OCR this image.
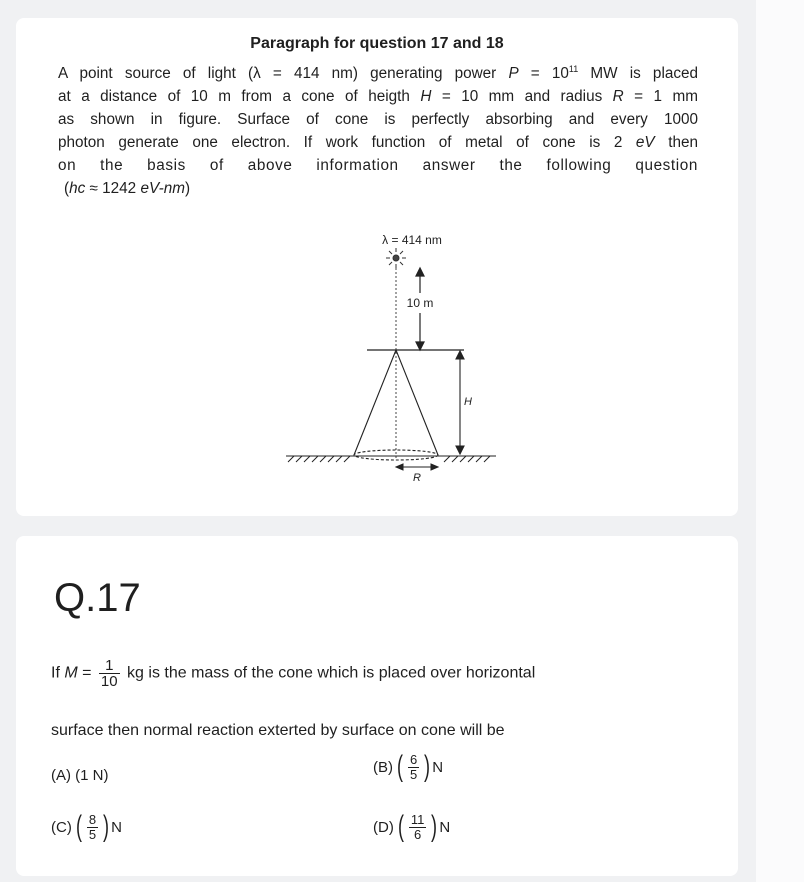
Paragraph for question 17 and 18
A point source of light (λ = 414 nm) generating power $P = 10^{11}$ MW is placed
at a distance of 10 m from a cone of heigth H = 10 mm and radius R = 1 mm
as shown in figure. Surface of cone is perfectly absorbing and every 1000
photon generate one electron. If work function of metal of cone is 2 eV then
on the basis of above information answer the following question
(hc ≈ 1242 eV-nm)
λ = 414 nm
10 m
H
R
Q.17
If $M = \frac{1}{10}$ kg is the mass of the cone which is placed over horizontal
surface then normal reaction exterted by surface on cone will be
(A) (1 N)	(B) ( $\frac{6}{5}$ ) N
(C) ( $\frac{8}{5}$ ) N	(D) ( $\frac{11}{6}$ ) N
